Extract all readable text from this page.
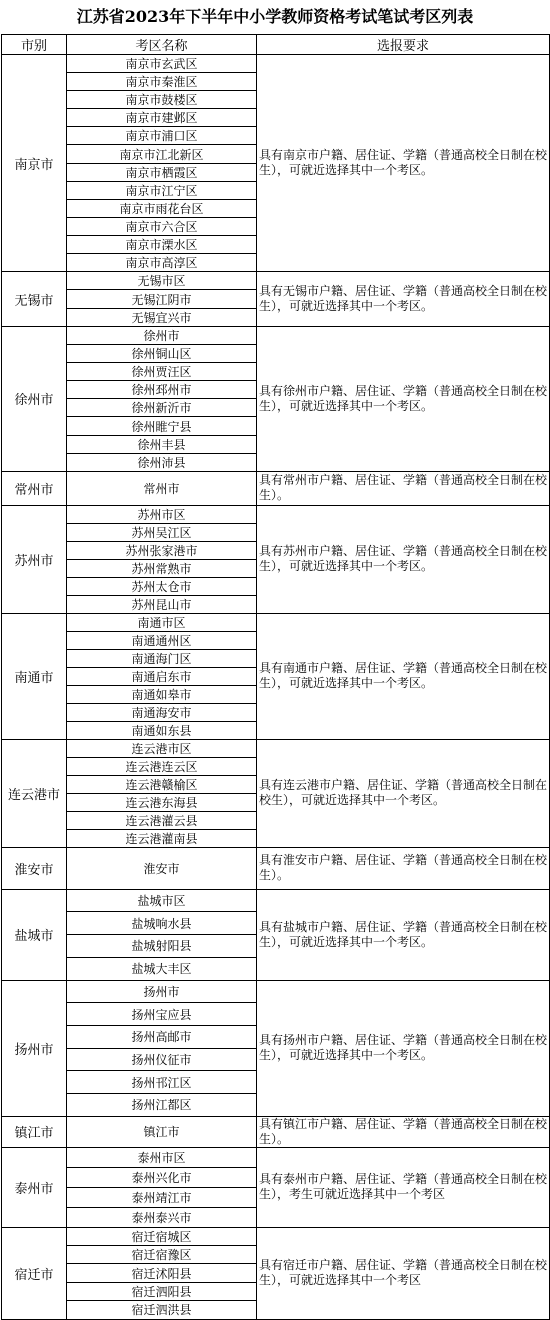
江苏省2023年下半年中小学教师资格考试笔试考区列表
市别	考区名称	选报要求
南京市	南京市玄武区	具有南京市户籍、居住证、学籍（普通高校全日制在校生），可就近选择其中一个考区。
	南京市秦淮区	
	南京市鼓楼区	
	南京市建邺区	
	南京市浦口区	
	南京市江北新区	
	南京市栖霞区	
	南京市江宁区	
	南京市雨花台区	
	南京市六合区	
	南京市溧水区	
	南京市高淳区	
无锡市	无锡市区	具有无锡市户籍、居住证、学籍（普通高校全日制在校生），可就近选择其中一个考区。
	无锡江阴市	
	无锡宜兴市	
徐州市	徐州市	具有徐州市户籍、居住证、学籍（普通高校全日制在校生），可就近选择其中一个考区。
	徐州铜山区	
	徐州贾汪区	
	徐州邳州市	
	徐州新沂市	
	徐州睢宁县	
	徐州丰县	
	徐州沛县	
常州市	常州市	具有常州市户籍、居住证、学籍（普通高校全日制在校生）。
苏州市	苏州市区	具有苏州市户籍、居住证、学籍（普通高校全日制在校生），可就近选择其中一个考区。
	苏州吴江区	
	苏州张家港市	
	苏州常熟市	
	苏州太仓市	
	苏州昆山市	
南通市	南通市区	具有南通市户籍、居住证、学籍（普通高校全日制在校生），可就近选择其中一个考区。
	南通通州区	
	南通海门区	
	南通启东市	
	南通如皋市	
	南通海安市	
	南通如东县	
连云港市	连云港市区	具有连云港市户籍、居住证、学籍（普通高校全日制在校生），可就近选择其中一个考区。
	连云港连云区	
	连云港赣榆区	
	连云港东海县	
	连云港灌云县	
	连云港灌南县	
淮安市	淮安市	具有淮安市户籍、居住证、学籍（普通高校全日制在校生）。
盐城市	盐城市区	具有盐城市户籍、居住证、学籍（普通高校全日制在校生），可就近选择其中一个考区。
	盐城响水县	
	盐城射阳县	
	盐城大丰区	
扬州市	扬州市	具有扬州市户籍、居住证、学籍（普通高校全日制在校生），可就近选择其中一个考区。
	扬州宝应县	
	扬州高邮市	
	扬州仪征市	
	扬州邗江区	
	扬州江都区	
镇江市	镇江市	具有镇江市户籍、居住证、学籍（普通高校全日制在校生）。
泰州市	泰州市区	具有泰州市户籍、居住证、学籍（普通高校全日制在校生），考生可就近选择其中一个考区
	泰州兴化市	
	泰州靖江市	
	泰州泰兴市	
宿迁市	宿迁宿城区	具有宿迁市户籍、居住证、学籍（普通高校全日制在校生），可就近选择其中一个考区
	宿迁宿豫区	
	宿迁沭阳县	
	宿迁泗阳县	
	宿迁泗洪县	
